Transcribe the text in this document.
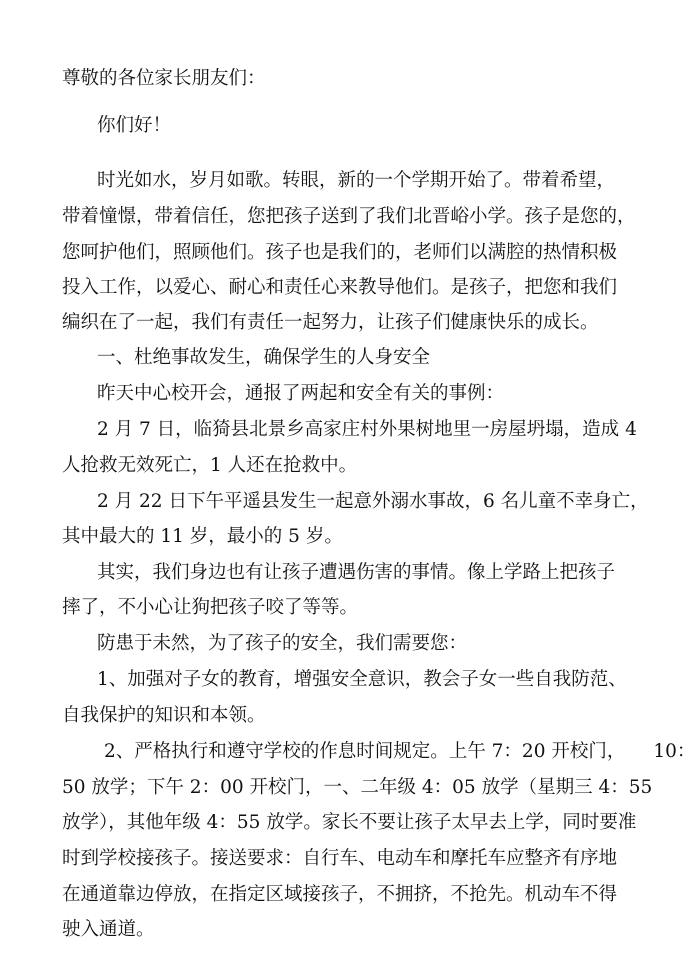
尊敬的各位家长朋友们：
你们好！
时光如水，岁月如歌。转眼，新的一个学期开始了。带着希望，
带着憧憬，带着信任，您把孩子送到了我们北晋峪小学。孩子是您的，
您呵护他们，照顾他们。孩子也是我们的，老师们以满腔的热情积极
投入工作，以爱心、耐心和责任心来教导他们。是孩子，把您和我们
编织在了一起，我们有责任一起努力，让孩子们健康快乐的成长。
一、杜绝事故发生，确保学生的人身安全
昨天中心校开会，通报了两起和安全有关的事例：
2 月 7 日，临猗县北景乡高家庄村外果树地里一房屋坍塌，造成 4
人抢救无效死亡，1 人还在抢救中。
2 月 22 日下午平遥县发生一起意外溺水事故，6 名儿童不幸身亡，
其中最大的 11 岁，最小的 5 岁。
其实，我们身边也有让孩子遭遇伤害的事情。像上学路上把孩子
摔了，不小心让狗把孩子咬了等等。
防患于未然，为了孩子的安全，我们需要您：
1、加强对子女的教育，增强安全意识，教会子女一些自我防范、
自我保护的知识和本领。
2、严格执行和遵守学校的作息时间规定。上午 7：20 开校门， 10：
50 放学；下午 2：00 开校门，一、二年级 4：05 放学（星期三 4：55
放学），其他年级 4：55 放学。家长不要让孩子太早去上学，同时要准
时到学校接孩子。接送要求：自行车、电动车和摩托车应整齐有序地
在通道靠边停放，在指定区域接孩子，不拥挤，不抢先。机动车不得
驶入通道。
